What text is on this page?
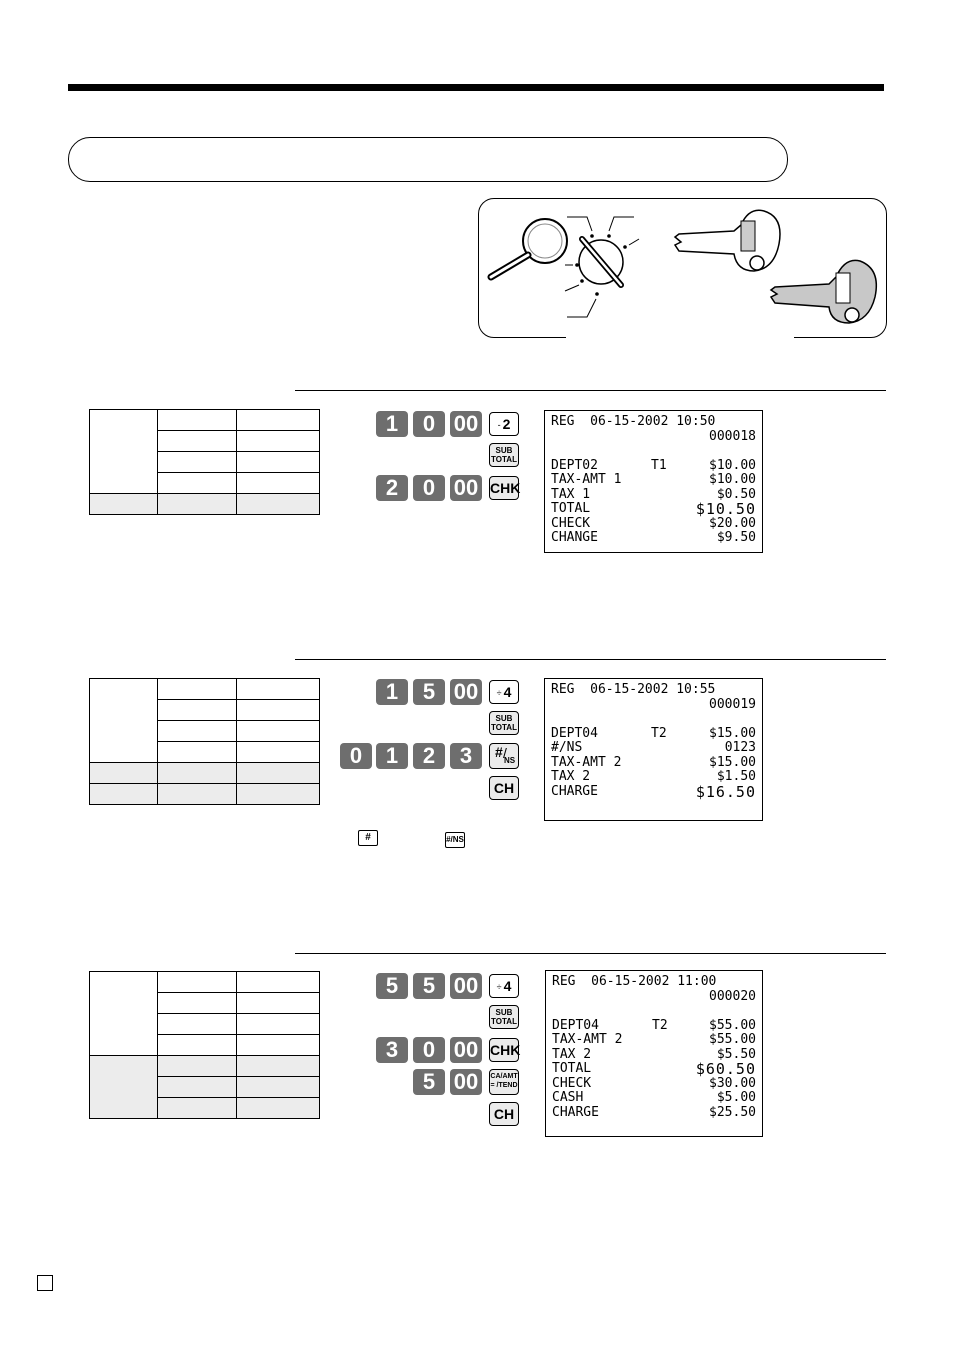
1	0 00	- 2
SUB TOTAL
2	0 00 CHK
REG  06-15-2002 10:50
000018

DEPT02	T1	$10.00
TAX-AMT 1	$10.00
TAX 1	$0.50
TOTAL	$10.50
CHECK	$20.00
CHANGE	$9.50

1	5 00	÷ 4
SUB TOTAL
0	1	2	3	# /
NS
CH
#	#/NS
REG  06-15-2002 10:55
000019

DEPT04	T2	$15.00
#/NS	0123
TAX-AMT 2	$15.00
TAX 2	$1.50
CHARGE	$16.50

5	5 00	÷ 4
SUB TOTAL
3	0 00 CHK
5 00	CA/AMT
= /TEND
CH
REG  06-15-2002 11:00
000020

DEPT04	T2	$55.00
TAX-AMT 2	$55.00
TAX 2	$5.50
TOTAL	$60.50
CHECK	$30.00
CASH	$5.00
CHARGE	$25.50
